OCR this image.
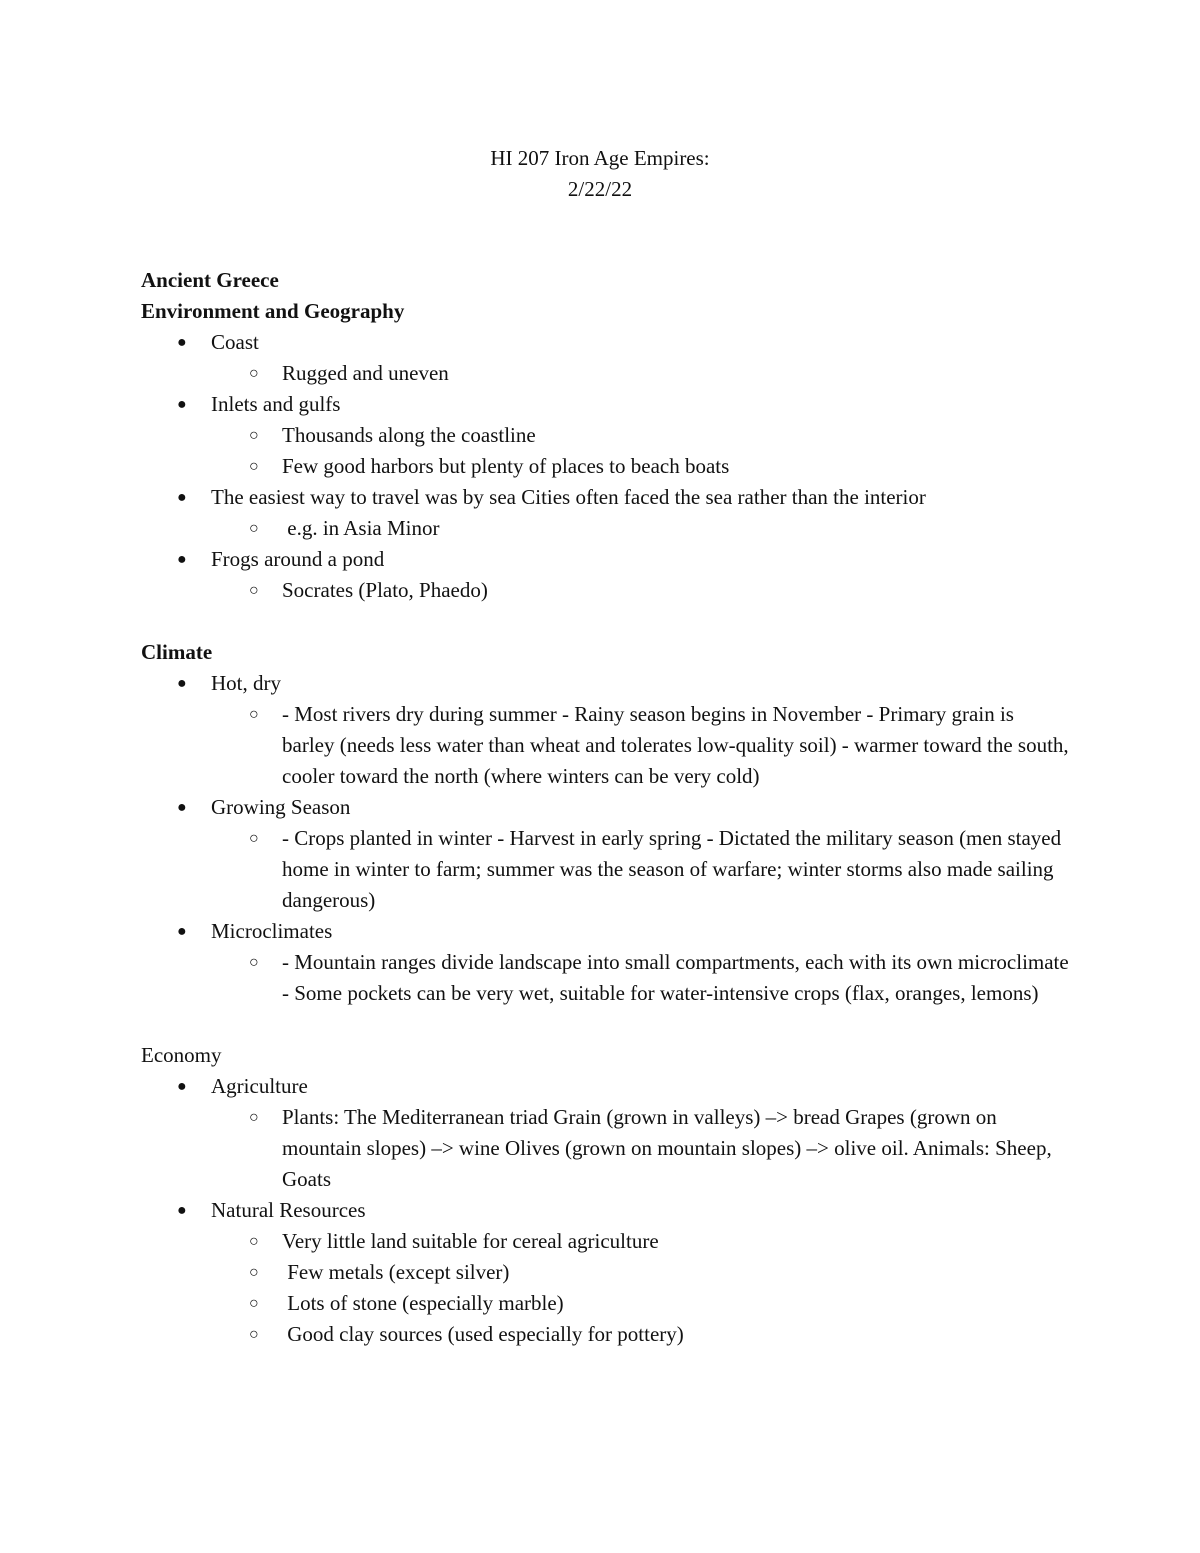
HI 207 Iron Age Empires:
2/22/22
Ancient Greece
Environment and Geography
●	Coast
○ Rugged and uneven
●	Inlets and gulfs
○ Thousands along the coastline
○ Few good harbors but plenty of places to beach boats
●	The easiest way to travel was by sea Cities often faced the sea rather than the interior
○ e.g. in Asia Minor
●	Frogs around a pond
○ Socrates (Plato, Phaedo)
Climate
●	Hot, dry
○ - Most rivers dry during summer - Rainy season begins in November - Primary grain is barley (needs less water than wheat and tolerates low-quality soil) - warmer toward the south, cooler toward the north (where winters can be very cold)
●	Growing Season
○ - Crops planted in winter - Harvest in early spring - Dictated the military season (men stayed home in winter to farm; summer was the season of warfare; winter storms also made sailing dangerous)
●	Microclimates
○ - Mountain ranges divide landscape into small compartments, each with its own microclimate - Some pockets can be very wet, suitable for water-intensive crops (flax, oranges, lemons)
Economy
●	Agriculture
○ Plants: The Mediterranean triad Grain (grown in valleys) –> bread Grapes (grown on mountain slopes) –> wine Olives (grown on mountain slopes) –> olive oil. Animals: Sheep, Goats
●	Natural Resources
○ Very little land suitable for cereal agriculture
○ Few metals (except silver)
○ Lots of stone (especially marble)
○ Good clay sources (used especially for pottery)
